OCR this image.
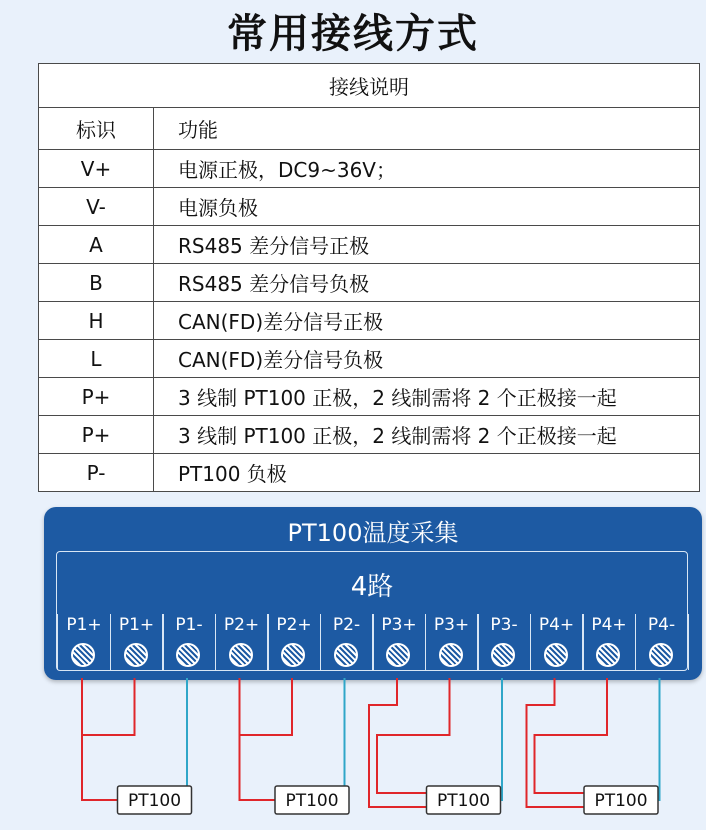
常用接线方式
接线说明	
标识	功能
V+	电源正极，DC9~36V；
V-	电源负极
A	RS485 差分信号正极
B	RS485 差分信号负极
H	CAN(FD)差分信号正极
L	CAN(FD)差分信号负极
P+	3 线制 PT100 正极，2 线制需将 2 个正极接一起
P+	3 线制 PT100 正极，2 线制需将 2 个正极接一起
P-	PT100 负极
PT100温度采集
4路
P1+	P1+	P1-	P2+	P2+	P2-	P3+	P3+	P3-	P4+	P4+	P4-
PT100	PT100	PT100	PT100
